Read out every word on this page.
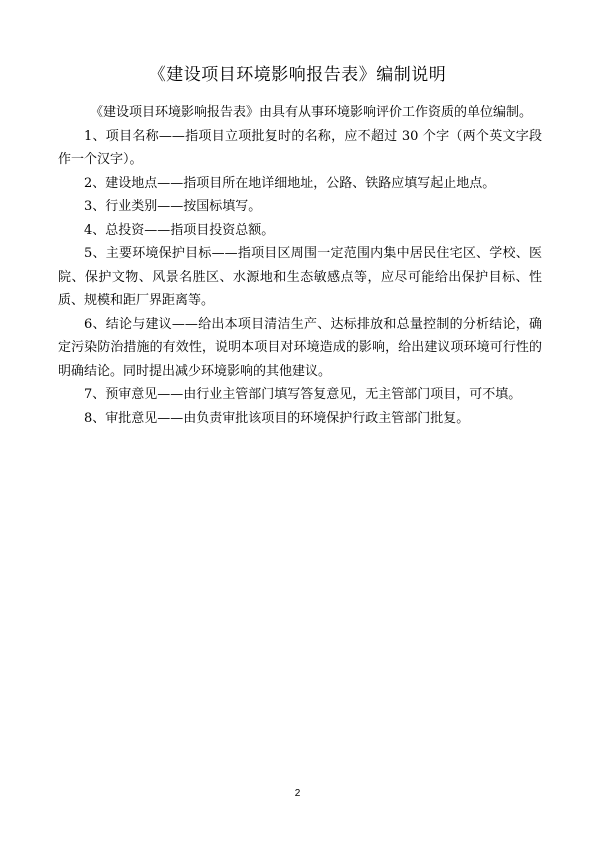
《建设项目环境影响报告表》编制说明

《建设项目环境影响报告表》由具有从事环境影响评价工作资质的单位编制。

1、项目名称——指项目立项批复时的名称，应不超过 30 个字（两个英文字段作一个汉字）。

2、建设地点——指项目所在地详细地址，公路、铁路应填写起止地点。

3、行业类别——按国标填写。

4、总投资——指项目投资总额。

5、主要环境保护目标——指项目区周围一定范围内集中居民住宅区、学校、医院、保护文物、风景名胜区、水源地和生态敏感点等，应尽可能给出保护目标、性质、规模和距厂界距离等。

6、结论与建议——给出本项目清洁生产、达标排放和总量控制的分析结论，确定污染防治措施的有效性，说明本项目对环境造成的影响，给出建议项环境可行性的明确结论。同时提出减少环境影响的其他建议。

7、预审意见——由行业主管部门填写答复意见，无主管部门项目，可不填。

8、审批意见——由负责审批该项目的环境保护行政主管部门批复。

2
